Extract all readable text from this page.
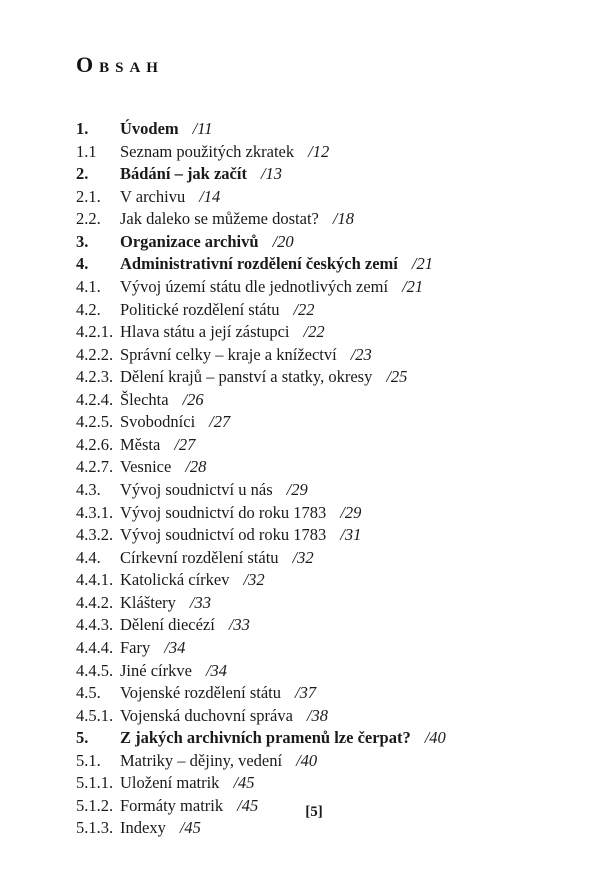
Obsah
1.	Úvodem /11
1.1	Seznam použitých zkratek /12
2.	Bádání – jak začít /13
2.1.	V archivu /14
2.2.	Jak daleko se můžeme dostat? /18
3.	Organizace archivů /20
4.	Administrativní rozdělení českých zemí /21
4.1.	Vývoj území státu dle jednotlivých zemí /21
4.2.	Politické rozdělení státu /22
4.2.1. Hlava státu a její zástupci /22
4.2.2. Správní celky – kraje a knížectví /23
4.2.3. Dělení krajů – panství a statky, okresy /25
4.2.4. Šlechta /26
4.2.5. Svobodníci /27
4.2.6. Města /27
4.2.7. Vesnice /28
4.3.	Vývoj soudnictví u nás /29
4.3.1. Vývoj soudnictví do roku 1783 /29
4.3.2. Vývoj soudnictví od roku 1783 /31
4.4.	Církevní rozdělení státu /32
4.4.1. Katolická církev /32
4.4.2. Kláštery /33
4.4.3. Dělení diecézí /33
4.4.4. Fary /34
4.4.5. Jiné církve /34
4.5.	Vojenské rozdělení státu /37
4.5.1. Vojenská duchovní správa /38
5.	Z jakých archivních pramenů lze čerpat? /40
5.1.	Matriky – dějiny, vedení /40
5.1.1. Uložení matrik /45
5.1.2. Formáty matrik /45
5.1.3. Indexy /45
[5]
